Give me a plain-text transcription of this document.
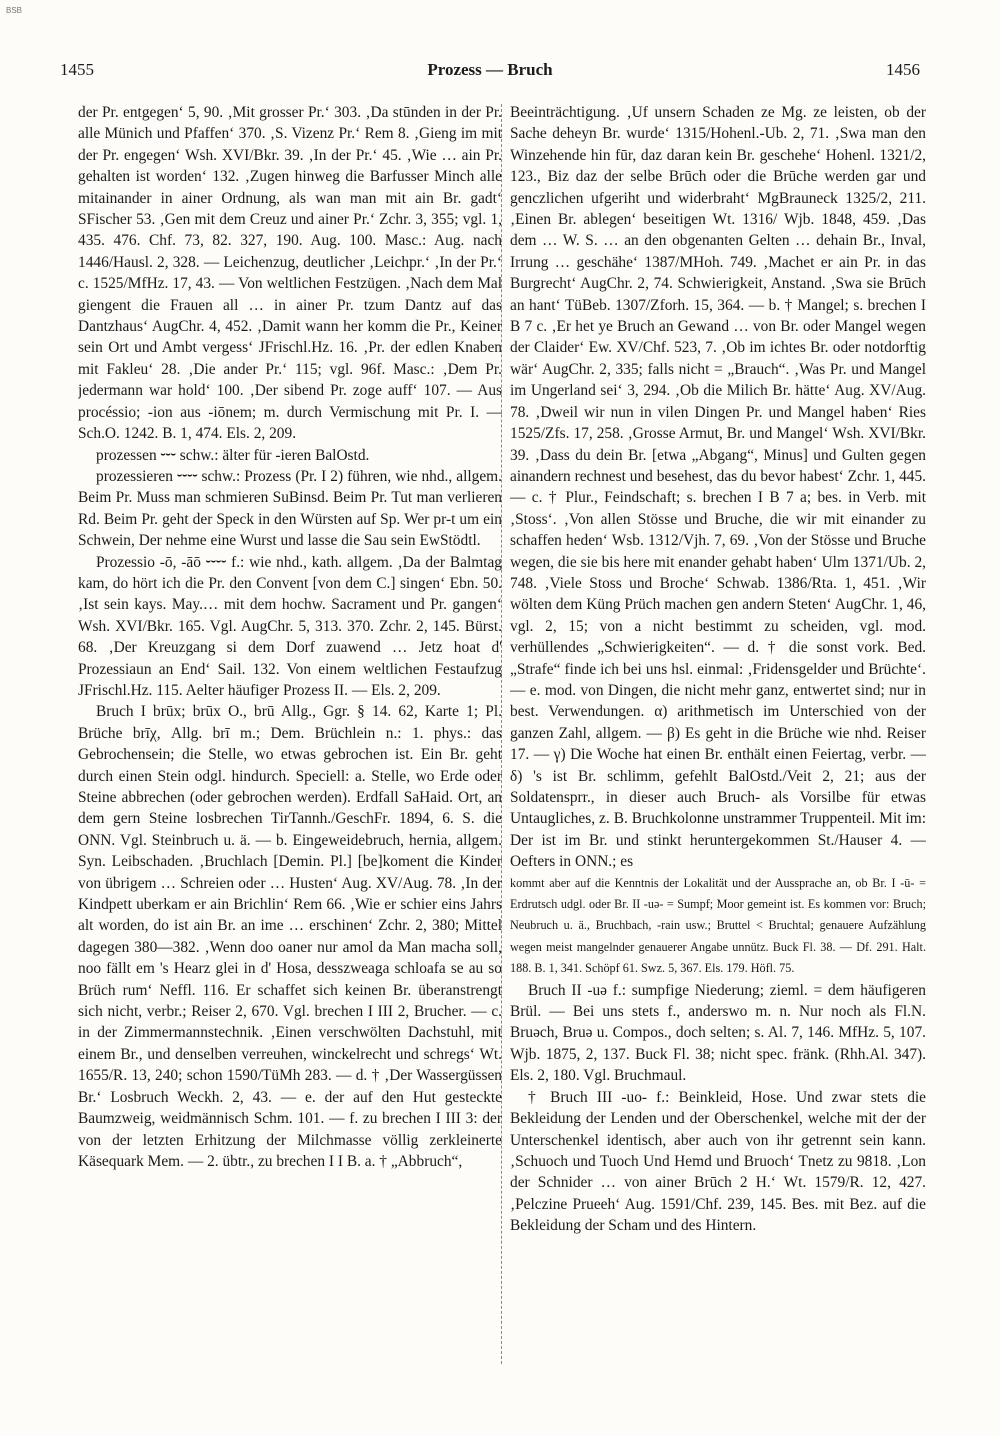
BSB
1455	Prozess — Bruch	1456

der Pr. entgegen‘ 5, 90. ‚Mit grosser Pr.‘ 303. ‚Da stūnden in der Pr. alle Münich und Pfaffen‘ 370. ‚S. Vizenz Pr.‘ Rem 8. ‚Gieng im mit der Pr. engegen‘ Wsh. XVI/Bkr. 39. ‚In der Pr.‘ 45. ‚Wie … ain Pr. gehalten ist worden‘ 132. ‚Zugen hinweg die Barfusser Minch alle mitainander in ainer Ordnung, als wan man mit ain Br. gadt‘ SFischer 53. ‚Gen mit dem Creuz und ainer Pr.‘ Zchr. 3, 355; vgl. 1, 435. 476. Chf. 73, 82. 327, 190. Aug. 100. Masc.: Aug. nach 1446/Hausl. 2, 328. — Leichenzug, deutlicher ‚Leichpr.‘ ‚In der Pr.‘ c. 1525/MfHz. 17, 43. — Von weltlichen Festzügen. ‚Nach dem Mal giengent die Frauen all … in ainer Pr. tzum Dantz auf das Dantzhaus‘ AugChr. 4, 452. ‚Damit wann her komm die Pr., Keiner sein Ort und Ambt vergess‘ JFrischl.Hz. 16. ‚Pr. der edlen Knaben mit Fakleu‘ 28. ‚Die ander Pr.‘ 115; vgl. 96f. Masc.: ‚Dem Pr. jedermann war hold‘ 100. ‚Der sibend Pr. zoge auff‘ 107. — Aus procéssio; -ion aus -iōnem; m. durch Vermischung mit Pr. I. — Sch.O. 1242. B. 1, 474. Els. 2, 209.

prozessen ⏑⏑⏑ schw.: älter für -ieren BalOstd.

prozessieren ⏑⏑⏑⏑ schw.: Prozess (Pr. I 2) führen, wie nhd., allgem. Beim Pr. Muss man schmieren SuBinsd. Beim Pr. Tut man verlieren Rd. Beim Pr. geht der Speck in den Würsten auf Sp. Wer pr-t um ein Schwein, Der nehme eine Wurst und lasse die Sau sein EwStödtl.

Prozessio -ō, -āō ⏑⏑⏑⏑ f.: wie nhd., kath. allgem. ‚Da der Balmtag kam, do hört ich die Pr. den Convent [von dem C.] singen‘ Ebn. 50. ‚Ist sein kays. May.… mit dem hochw. Sacrament und Pr. gangen‘ Wsh. XVI/Bkr. 165. Vgl. AugChr. 5, 313. 370. Zchr. 2, 145. Bürst. 68. ‚Der Kreuzgang si dem Dorf zuawend … Jetz hoat d' Prozessiaun an End‘ Sail. 132. Von einem weltlichen Festaufzug JFrischl.Hz. 115. Aelter häufiger Prozess II. — Els. 2, 209.

Bruch I brūx; brūx O., brū Allg., Ggr. § 14. 62, Karte 1; Pl. Brüche brīχ, Allg. brī m.; Dem. Brüchlein n.: 1. phys.: das Gebrochensein; die Stelle, wo etwas gebrochen ist. Ein Br. geht durch einen Stein odgl. hindurch. Speciell: a. Stelle, wo Erde oder Steine abbrechen (oder gebrochen werden). Erdfall SaHaid. Ort, an dem gern Steine losbrechen TirTannh./GeschFr. 1894, 6. S. die ONN. Vgl. Steinbruch u. ä. — b. Eingeweidebruch, hernia, allgem. Syn. Leibschaden. ‚Bruchlach [Demin. Pl.] [be]koment die Kinder von übrigem … Schreien oder … Husten‘ Aug. XV/Aug. 78. ‚In der Kindpett uberkam er ain Brichlin‘ Rem 66. ‚Wie er schier eins Jahrs alt worden, do ist ain Br. an ime … erschinen‘ Zchr. 2, 380; Mittel dagegen 380—382. ‚Wenn doo oaner nur amol da Man macha soll, noo fällt em 's Hearz glei in d' Hosa, desszweaga schloafa se au so Brüch rum‘ Neffl. 116. Er schaffet sich keinen Br. überanstrengt sich nicht, verbr.; Reiser 2, 670. Vgl. brechen I III 2, Brucher. — c. in der Zimmermannstechnik. ‚Einen verschwölten Dachstuhl, mit einem Br., und denselben verreuhen, winckelrecht und schregs‘ Wt. 1655/R. 13, 240; schon 1590/TüMh 283. — d. † ‚Der Wassergüssen Br.‘ Losbruch Weckh. 2, 43. — e. der auf den Hut gesteckte Baumzweig, weidmännisch Schm. 101. — f. zu brechen I III 3: der von der letzten Erhitzung der Milchmasse völlig zerkleinerte Käsequark Mem. — 2. übtr., zu brechen I I B. a. † „Abbruch“,

Beeinträchtigung. ‚Uf unsern Schaden ze Mg. ze leisten, ob der Sache deheyn Br. wurde‘ 1315/Hohenl.-Ub. 2, 71. ‚Swa man den Winzehende hin fūr, daz daran kein Br. geschehe‘ Hohenl. 1321/2, 123., Biz daz der selbe Brūch oder die Brūche werden gar und genczlichen ufgeriht und widerbraht‘ MgBrauneck 1325/2, 211. ‚Einen Br. ablegen‘ beseitigen Wt. 1316/ Wjb. 1848, 459. ‚Das dem … W. S. … an den obgenanten Gelten … dehain Br., Inval, Irrung … geschähe‘ 1387/MHoh. 749. ‚Machet er ain Pr. in das Burgrecht‘ AugChr. 2, 74. Schwierigkeit, Anstand. ‚Swa sie Brūch an hant‘ TüBeb. 1307/Zforh. 15, 364. — b. † Mangel; s. brechen I B 7 c. ‚Er het ye Bruch an Gewand … von Br. oder Mangel wegen der Claider‘ Ew. XV/Chf. 523, 7. ‚Ob im ichtes Br. oder notdorftig wär‘ AugChr. 2, 335; falls nicht = „Brauch“. ‚Was Pr. und Mangel im Ungerland sei‘ 3, 294. ‚Ob die Milich Br. hätte‘ Aug. XV/Aug. 78. ‚Dweil wir nun in vilen Dingen Pr. und Mangel haben‘ Ries 1525/Zfs. 17, 258. ‚Grosse Armut, Br. und Mangel‘ Wsh. XVI/Bkr. 39. ‚Dass du dein Br. [etwa „Abgang“, Minus] und Gulten gegen ainandern rechnest und besehest, das du bevor habest‘ Zchr. 1, 445. — c. † Plur., Feindschaft; s. brechen I B 7 a; bes. in Verb. mit ‚Stoss‘. ‚Von allen Stösse und Bruche, die wir mit einander zu schaffen heden‘ Wsb. 1312/Vjh. 7, 69. ‚Von der Stösse und Bruche wegen, die sie bis here mit enander gehabt haben‘ Ulm 1371/Ub. 2, 748. ‚Viele Stoss und Broche‘ Schwab. 1386/Rta. 1, 451. ‚Wir wölten dem Küng Prüch machen gen andern Steten‘ AugChr. 1, 46, vgl. 2, 15; von a nicht bestimmt zu scheiden, vgl. mod. verhüllendes „Schwierigkeiten“. — d. † die sonst vork. Bed. „Strafe“ finde ich bei uns hsl. einmal: ‚Fridensgelder und Brüchte‘. — e. mod. von Dingen, die nicht mehr ganz, entwertet sind; nur in best. Verwendungen. α) arithmetisch im Unterschied von der ganzen Zahl, allgem. — β) Es geht in die Brüche wie nhd. Reiser 17. — γ) Die Woche hat einen Br. enthält einen Feiertag, verbr. — δ) 's ist Br. schlimm, gefehlt BalOstd./Veit 2, 21; aus der Soldatensprr., in dieser auch Bruch- als Vorsilbe für etwas Untaugliches, z. B. Bruchkolonne unstrammer Truppenteil. Mit im: Der ist im Br. und stinkt heruntergekommen St./Hauser 4. — Oefters in ONN.; es

kommt aber auf die Kenntnis der Lokalität und der Aussprache an, ob Br. I -ū- = Erdrutsch udgl. oder Br. II -uə- = Sumpf; Moor gemeint ist. Es kommen vor: Bruch; Neubruch u. ä., Bruchbach, -rain usw.; Bruttel < Bruchtal; genauere Aufzählung wegen meist mangelnder genauerer Angabe unnütz. Buck Fl. 38. — Df. 291. Halt. 188. B. 1, 341. Schöpf 61. Swz. 5, 367. Els. 179. Höfl. 75.

Bruch II -uə f.: sumpfige Niederung; zieml. = dem häufigeren Brül. — Bei uns stets f., anderswo m. n. Nur noch als Fl.N. Bruəch, Bruə u. Compos., doch selten; s. Al. 7, 146. MfHz. 5, 107. Wjb. 1875, 2, 137. Buck Fl. 38; nicht spec. fränk. (Rhh.Al. 347). Els. 2, 180. Vgl. Bruchmaul.

† Bruch III -uo- f.: Beinkleid, Hose. Und zwar stets die Bekleidung der Lenden und der Oberschenkel, welche mit der der Unterschenkel identisch, aber auch von ihr getrennt sein kann. ‚Schuoch und Tuoch Und Hemd und Bruoch‘ Tnetz zu 9818. ‚Lon der Schnider … von ainer Brūch 2 H.‘ Wt. 1579/R. 12, 427. ‚Pelczine Prueeh‘ Aug. 1591/Chf. 239, 145. Bes. mit Bez. auf die Bekleidung der Scham und des Hintern.
